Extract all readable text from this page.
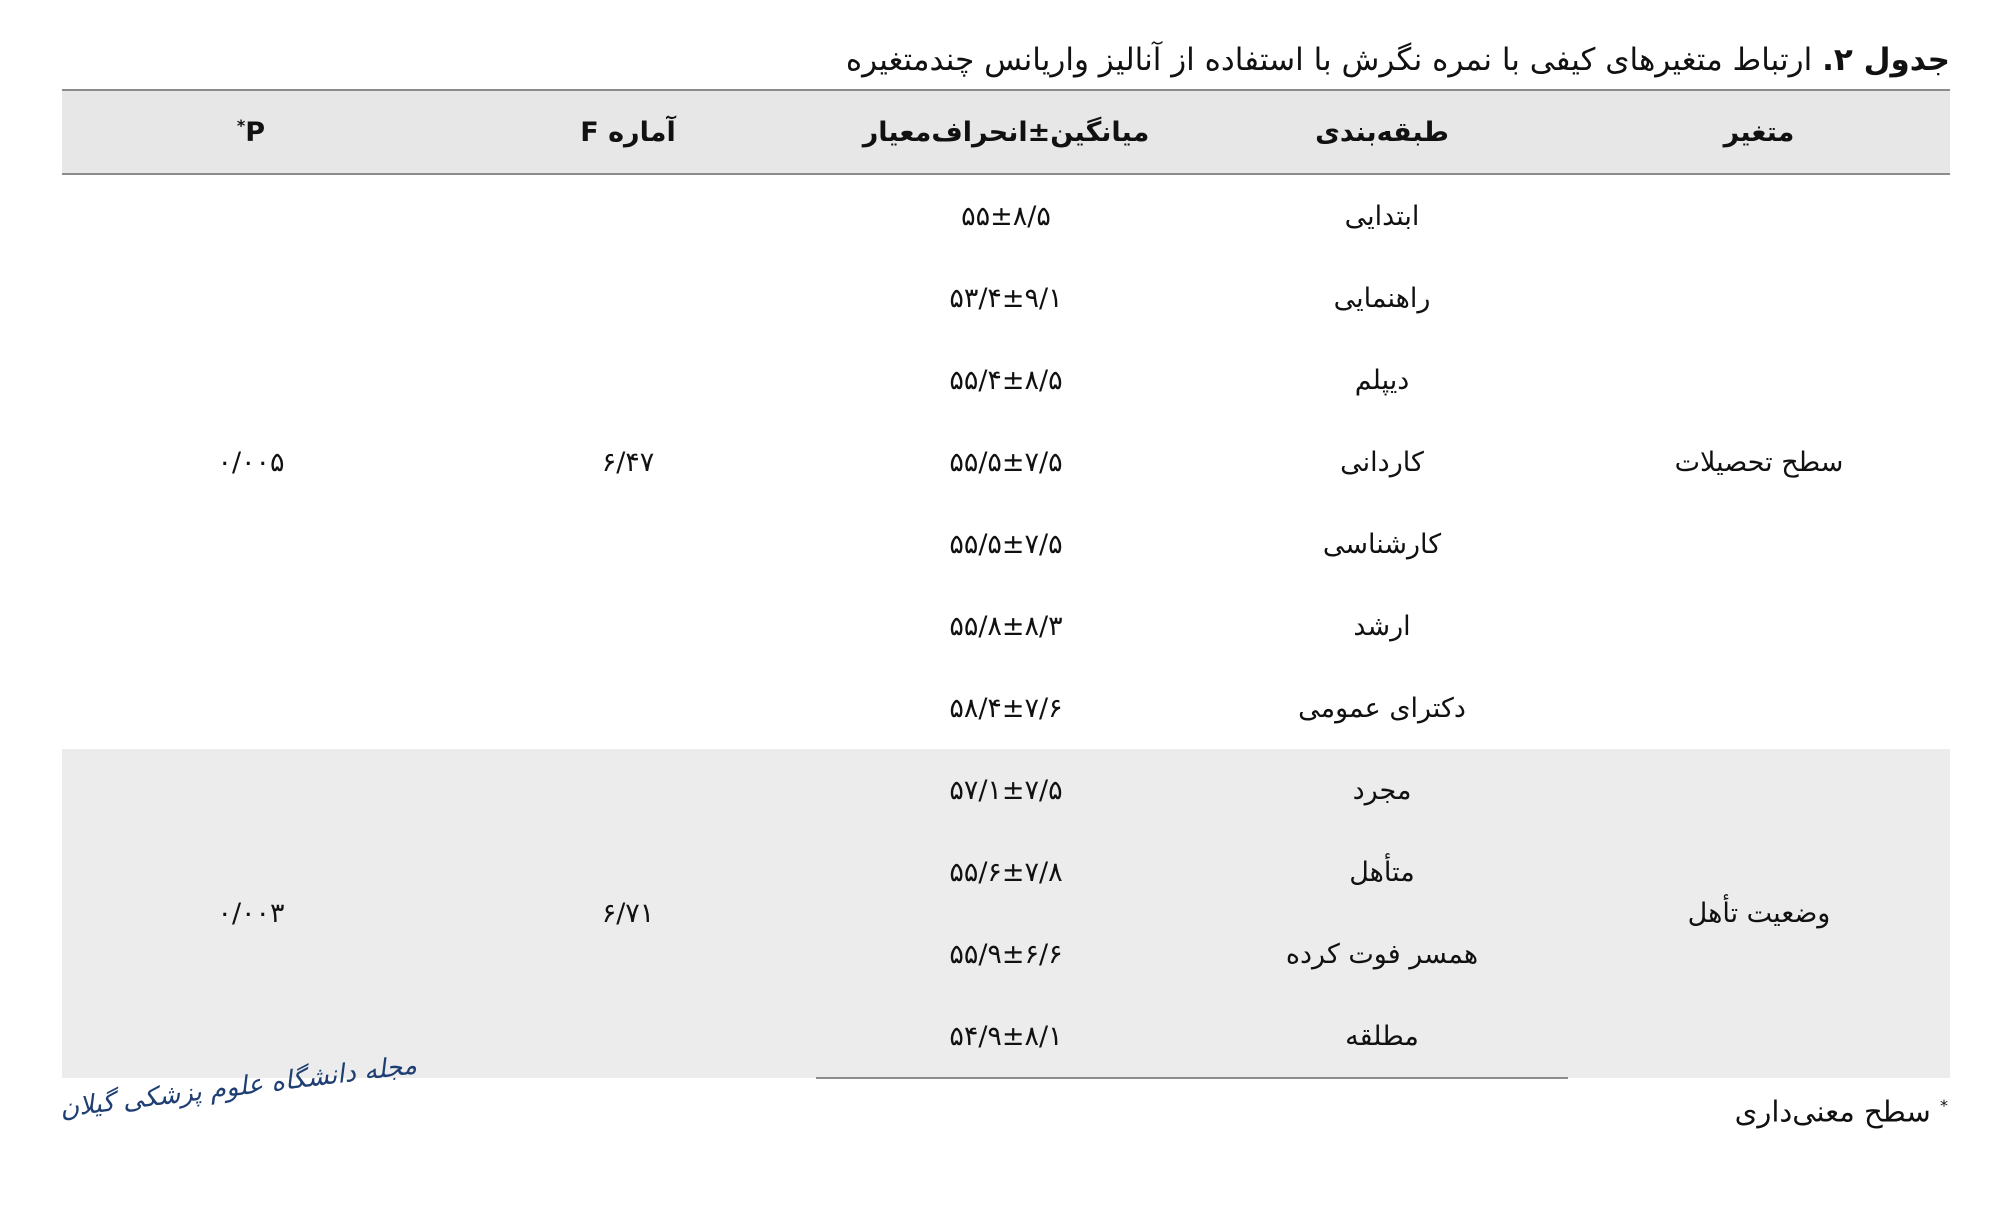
جدول ۲. ارتباط متغیرهای کیفی با نمره نگرش با استفاده از آنالیز واریانس چندمتغیره
متغیر	طبقه‌بندی	میانگین±انحراف‌معیار	آماره F	P*
سطح تحصیلات	ابتدایی	۵۵±۸/۵	۶/۴۷	۰/۰۰۵
	راهنمایی	۵۳/۴±۹/۱		
	دیپلم	۵۵/۴±۸/۵		
	کاردانی	۵۵/۵±۷/۵		
	کارشناسی	۵۵/۵±۷/۵		
	ارشد	۵۵/۸±۸/۳		
	دکترای عمومی	۵۸/۴±۷/۶		
وضعیت تأهل	مجرد	۵۷/۱±۷/۵	۶/۷۱	۰/۰۰۳
	متأهل	۵۵/۶±۷/۸		
	همسر فوت کرده	۵۵/۹±۶/۶		
	مطلقه	۵۴/۹±۸/۱		
* سطح معنی‌داری
مجله دانشگاه علوم پزشکی گیلان
